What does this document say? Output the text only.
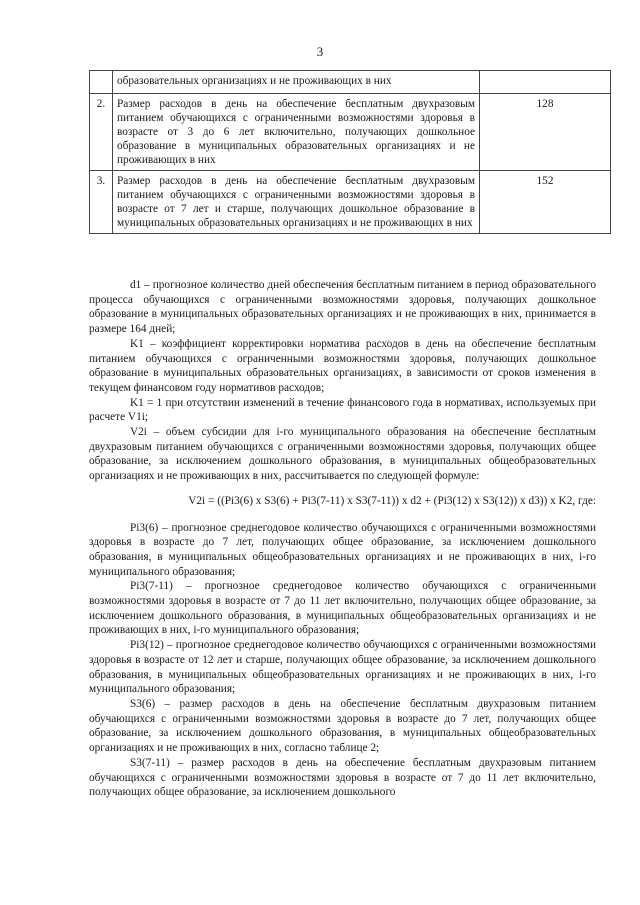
3
	образовательных организациях и не проживающих в них	
2.	Размер расходов в день на обеспечение бесплатным двухразовым питанием обучающихся с ограниченными возможностями здоровья в возрасте от 3 до 6 лет включительно, получающих дошкольное образование в муниципальных образовательных организациях и не проживающих в них	128
3.	Размер расходов в день на обеспечение бесплатным двухразовым питанием обучающихся с ограниченными возможностями здоровья в возрасте от 7 лет и старше, получающих дошкольное образование в муниципальных образовательных организациях и не проживающих в них	152

d1 – прогнозное количество дней обеспечения бесплатным питанием в период образовательного процесса обучающихся с ограниченными возможностями здоровья, получающих дошкольное образование в муниципальных образовательных организациях и не проживающих в них, принимается в размере 164 дней;

K1 – коэффициент корректировки норматива расходов в день на обеспечение бесплатным питанием обучающихся с ограниченными возможностями здоровья, получающих дошкольное образование в муниципальных образовательных организациях, в зависимости от сроков изменения в текущем финансовом году нормативов расходов;

K1 = 1 при отсутствии изменений в течение финансового года в нормативах, используемых при расчете V1i;

V2i – объем субсидии для i-го муниципального образования на обеспечение бесплатным двухразовым питанием обучающихся с ограниченными возможностями здоровья, получающих общее образование, за исключением дошкольного образования, в муниципальных общеобразовательных организациях и не проживающих в них, рассчитывается по следующей формуле:

V2i = ((Pi3(6) x S3(6) + Pi3(7-11) x S3(7-11)) x d2 + (Pi3(12) x S3(12)) x d3)) x K2, где:

Pi3(6) – прогнозное среднегодовое количество обучающихся с ограниченными возможностями здоровья в возрасте до 7 лет, получающих общее образование, за исключением дошкольного образования, в муниципальных общеобразовательных организациях и не проживающих в них, i-го муниципального образования;

Pi3(7-11) – прогнозное среднегодовое количество обучающихся с ограниченными возможностями здоровья в возрасте от 7 до 11 лет включительно, получающих общее образование, за исключением дошкольного образования, в муниципальных общеобразовательных организациях и не проживающих в них, i-го муниципального образования;

Pi3(12) – прогнозное среднегодовое количество обучающихся с ограниченными возможностями здоровья в возрасте от 12 лет и старше, получающих общее образование, за исключением дошкольного образования, в муниципальных общеобразовательных организациях и не проживающих в них, i-го муниципального образования;

S3(6) – размер расходов в день на обеспечение бесплатным двухразовым питанием обучающихся с ограниченными возможностями здоровья в возрасте до 7 лет, получающих общее образование, за исключением дошкольного образования, в муниципальных общеобразовательных организациях и не проживающих в них, согласно таблице 2;

S3(7-11) – размер расходов в день на обеспечение бесплатным двухразовым питанием обучающихся с ограниченными возможностями здоровья в возрасте от 7 до 11 лет включительно, получающих общее образование, за исключением дошкольного
